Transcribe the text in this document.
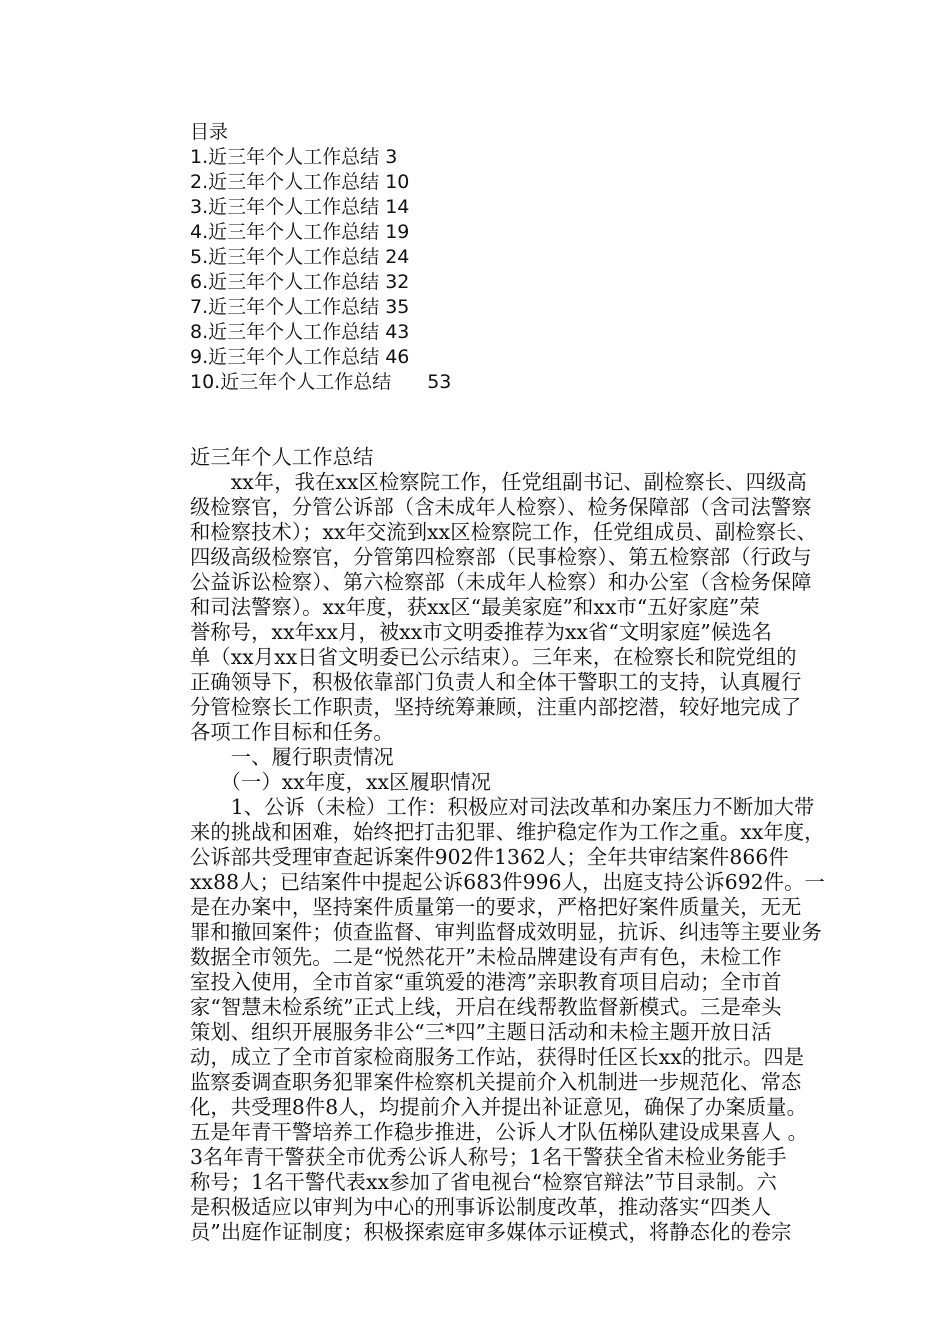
目录
1.近三年个人工作总结 3
2.近三年个人工作总结 10
3.近三年个人工作总结 14
4.近三年个人工作总结 19
5.近三年个人工作总结 24
6.近三年个人工作总结 32
7.近三年个人工作总结 35
8.近三年个人工作总结 43
9.近三年个人工作总结 46
10.近三年个人工作总结 53
近三年个人工作总结
　　xx年，我在xx区检察院工作，任党组副书记、副检察长、四级高
级检察官，分管公诉部（含未成年人检察）、检务保障部（含司法警察
和检察技术）；xx年交流到xx区检察院工作，任党组成员、副检察长、
四级高级检察官，分管第四检察部（民事检察）、第五检察部（行政与
公益诉讼检察）、第六检察部（未成年人检察）和办公室（含检务保障
和司法警察）。xx年度，获xx区“最美家庭”和xx市“五好家庭”荣
誉称号，xx年xx月，被xx市文明委推荐为xx省“文明家庭”候选名
单（xx月xx日省文明委已公示结束）。三年来，在检察长和院党组的
正确领导下，积极依靠部门负责人和全体干警职工的支持，认真履行
分管检察长工作职责，坚持统筹兼顾，注重内部挖潜，较好地完成了
各项工作目标和任务。
　　一、履行职责情况
　　（一）xx年度，xx区履职情况
　　1、公诉（未检）工作：积极应对司法改革和办案压力不断加大带
来的挑战和困难，始终把打击犯罪、维护稳定作为工作之重。xx年度，
公诉部共受理审查起诉案件902件1362人；全年共审结案件866件
xx88人；已结案件中提起公诉683件996人，出庭支持公诉692件。一
是在办案中，坚持案件质量第一的要求，严格把好案件质量关，无无
罪和撤回案件；侦查监督、审判监督成效明显，抗诉、纠违等主要业务
数据全市领先。二是“悦然花开”未检品牌建设有声有色，未检工作
室投入使用，全市首家“重筑爱的港湾”亲职教育项目启动；全市首
家“智慧未检系统”正式上线，开启在线帮教监督新模式。三是牵头
策划、组织开展服务非公“三*四”主题日活动和未检主题开放日活
动，成立了全市首家检商服务工作站，获得时任区长xx的批示。四是
监察委调查职务犯罪案件检察机关提前介入机制进一步规范化、常态
化，共受理8件8人，均提前介入并提出补证意见，确保了办案质量。
五是年青干警培养工作稳步推进，公诉人才队伍梯队建设成果喜人 。
3名年青干警获全市优秀公诉人称号；1名干警获全省未检业务能手
称号；1名干警代表xx参加了省电视台“检察官辩法”节目录制。六
是积极适应以审判为中心的刑事诉讼制度改革，推动落实“四类人
员”出庭作证制度；积极探索庭审多媒体示证模式，将静态化的卷宗
